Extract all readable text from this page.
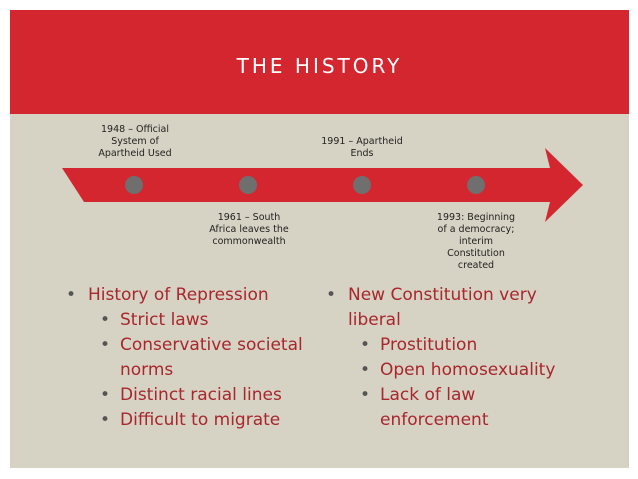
THE HISTORY
1948 – Official
System of
Apartheid Used
1961 – South
Africa leaves the
commonwealth
1991 – Apartheid
Ends
1993: Beginning
of a democracy;
interim
Constitution
created
• History of Repression
• Strict laws
• Conservative societal norms
• Distinct racial lines
• Difficult to migrate
• New Constitution very liberal
• Prostitution
• Open homosexuality
• Lack of law enforcement
